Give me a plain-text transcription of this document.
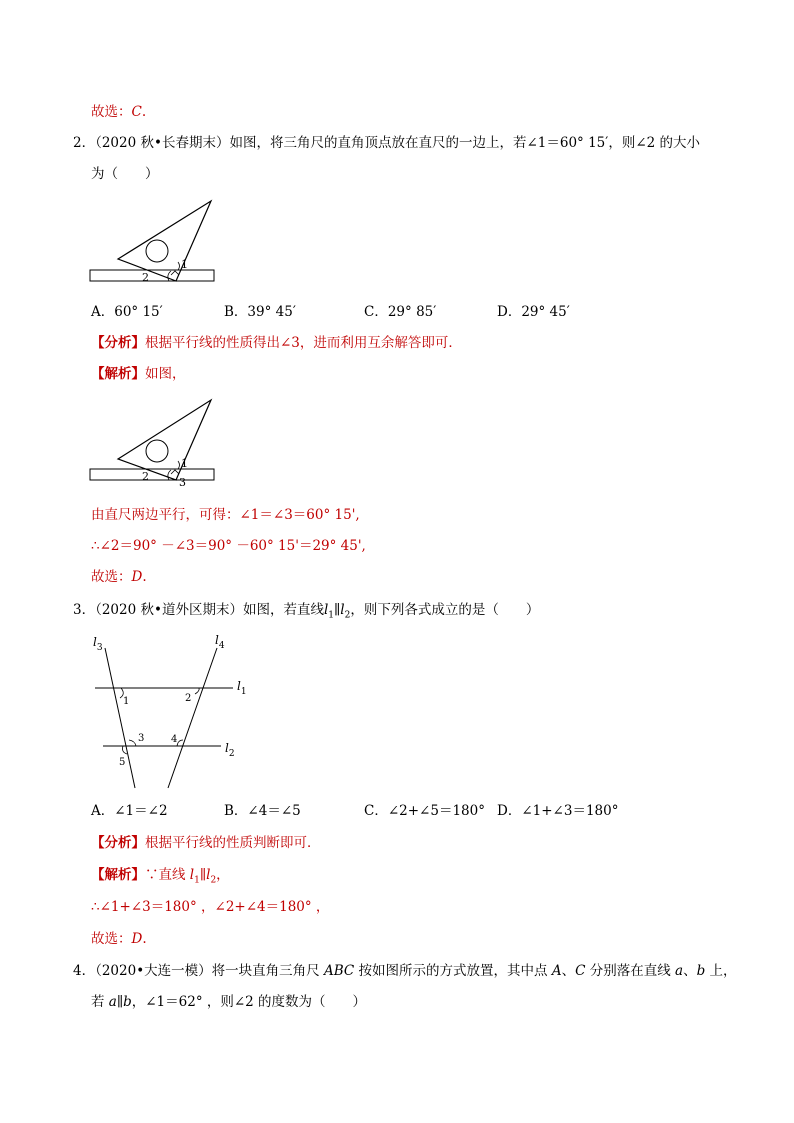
故选：C.
2．（2020 秋•长春期末）如图，将三角尺的直角顶点放在直尺的一边上，若∠1＝60° 15′，则∠2 的大小
为（　　）
1
2
A．60° 15′	B．39° 45′	C．29° 85′	D．29° 45′
【分析】根据平行线的性质得出∠3，进而利用互余解答即可．
【解析】如图，
1
2	3
由直尺两边平行，可得：∠1＝∠3＝60° 15',
∴∠2＝90° －∠3＝90° －60° 15'＝29° 45',
故选：D.
3．（2020 秋•道外区期末）如图，若直线$l_1\parallel l_2$，则下列各式成立的是（　　）
$l_3$
$l_4$
$l_1$
$l_2$
1	2
3	4
5
A．∠1＝∠2	B．∠4＝∠5	C．∠2+∠5＝180° D．∠1+∠3＝180°
【分析】根据平行线的性质判断即可．
【解析】∵直线 $l_1\parallel l_2$，
∴∠1+∠3＝180° ，∠2+∠4＝180° ，
故选：D.
4．（2020•大连一模）将一块直角三角尺 ABC 按如图所示的方式放置，其中点 A、C 分别落在直线 a、b 上，
若 a∥b，∠1＝62° ，则∠2 的度数为（　　）
